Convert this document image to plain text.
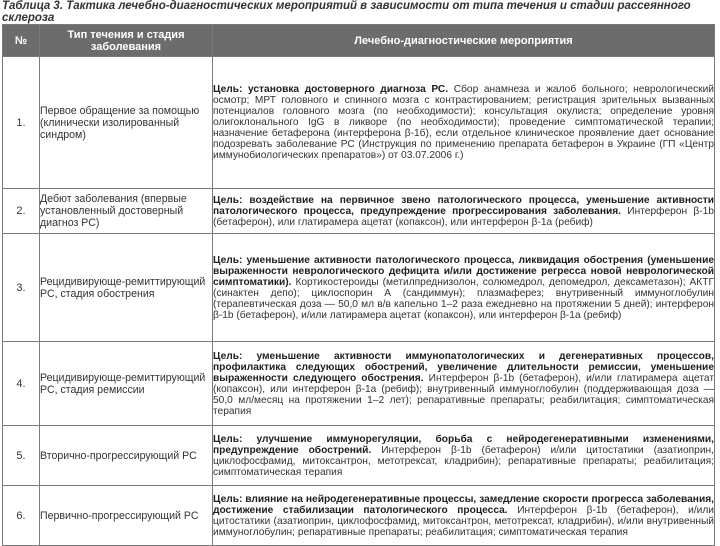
Таблица 3. Тактика лечебно-диагностических мероприятий в зависимости от типа течения и стадии рассеянного склероза
№	Тип течения и стадия заболевания	Лечебно-диагностические мероприятия
1.	Первое обращение за помощью (клинически изолированный синдром)	Цель: установка достоверного диагноза РС. Сбор анамнеза и жалоб больного; неврологический осмотр; МРТ головного и спинного мозга с контрастированием; регистрация зрительных вызванных потенциалов головного мозга (по необходимости); консультация окулиста; определение уровня олигоклонального IgG в ликворе (по необходимости); проведение симптоматической терапии; назначение бетаферона (интерферона β-1б), если отдельное клиническое проявление дает основание подозревать заболевание РС (Инструкция по применению препарата бетаферон в Украине (ГП «Центр иммунобиологических препаратов») от 03.07.2006 г.)
2.	Дебют заболевания (впервые установленный достоверный диагноз РС)	Цель: воздействие на первичное звено патологического процесса, уменьшение активности патологического процесса, предупреждение прогрессирования заболевания. Интерферон β-1b (бетаферон), или глатирамера ацетат (копаксон), или интерферон β-1a (ребиф)
3.	Рецидивирующе-ремиттирующий РС, стадия обострения	Цель: уменьшение активности патологического процесса, ликвидация обострения (уменьшение выраженности неврологического дефицита и/или достижение регресса новой неврологической симптоматики). Кортикостероиды (метилпреднизолон, солюмедрол, депомедрол, дексаметазон); АКТГ (синактен депо); циклоспорин А (сандиммун); плазмаферез; внутривенный иммуноглобулин (терапевтическая доза — 50,0 мл в/в капельно 1–2 раза ежедневно на протяжении 5 дней); интерферон β-1b (бетаферон), и/или латирамера ацетат (копаксон), или интерферон β-1a (ребиф)
4.	Рецидивирующе-ремиттирующий РС, стадия ремиссии	Цель: уменьшение активности иммунопатологических и дегенеративных процессов, профилактика следующих обострений, увеличение длительности ремиссии, уменьшение выраженности следующего обострения. Интерферон β-1b (бетаферон), и/или глатирамера ацетат (копаксон), или интерферон β-1a (ребиф); внутривенный иммуноглобулин (поддерживающая доза — 50,0 мл/месяц на протяжении 1–2 лет); репаративные препараты; реабилитация; симптоматическая терапия
5.	Вторично-прогрессирующий РС	Цель: улучшение иммунорегуляции, борьба с нейродегенеративными изменениями, предупреждение обострений. Интерферон β-1b (бетаферон) и/или цитостатики (азатиоприн, циклофосфамид, митоксантрон, метотрексат, кладрибин); репаративные препараты; реабилитация; симптоматическая терапия
6.	Первично-прогрессирующий РС	Цель: влияние на нейродегенеративные процессы, замедление скорости прогресса заболевания, достижение стабилизации патологического процесса. Интерферон β-1b (бетаферон), и/или цитостатики (азатиоприн, циклофосфамид, митоксантрон, метотрексат, кладрибин), и/или внутривенный иммуноглобулин; репаративные препараты; реабилитация; симптоматическая терапия
